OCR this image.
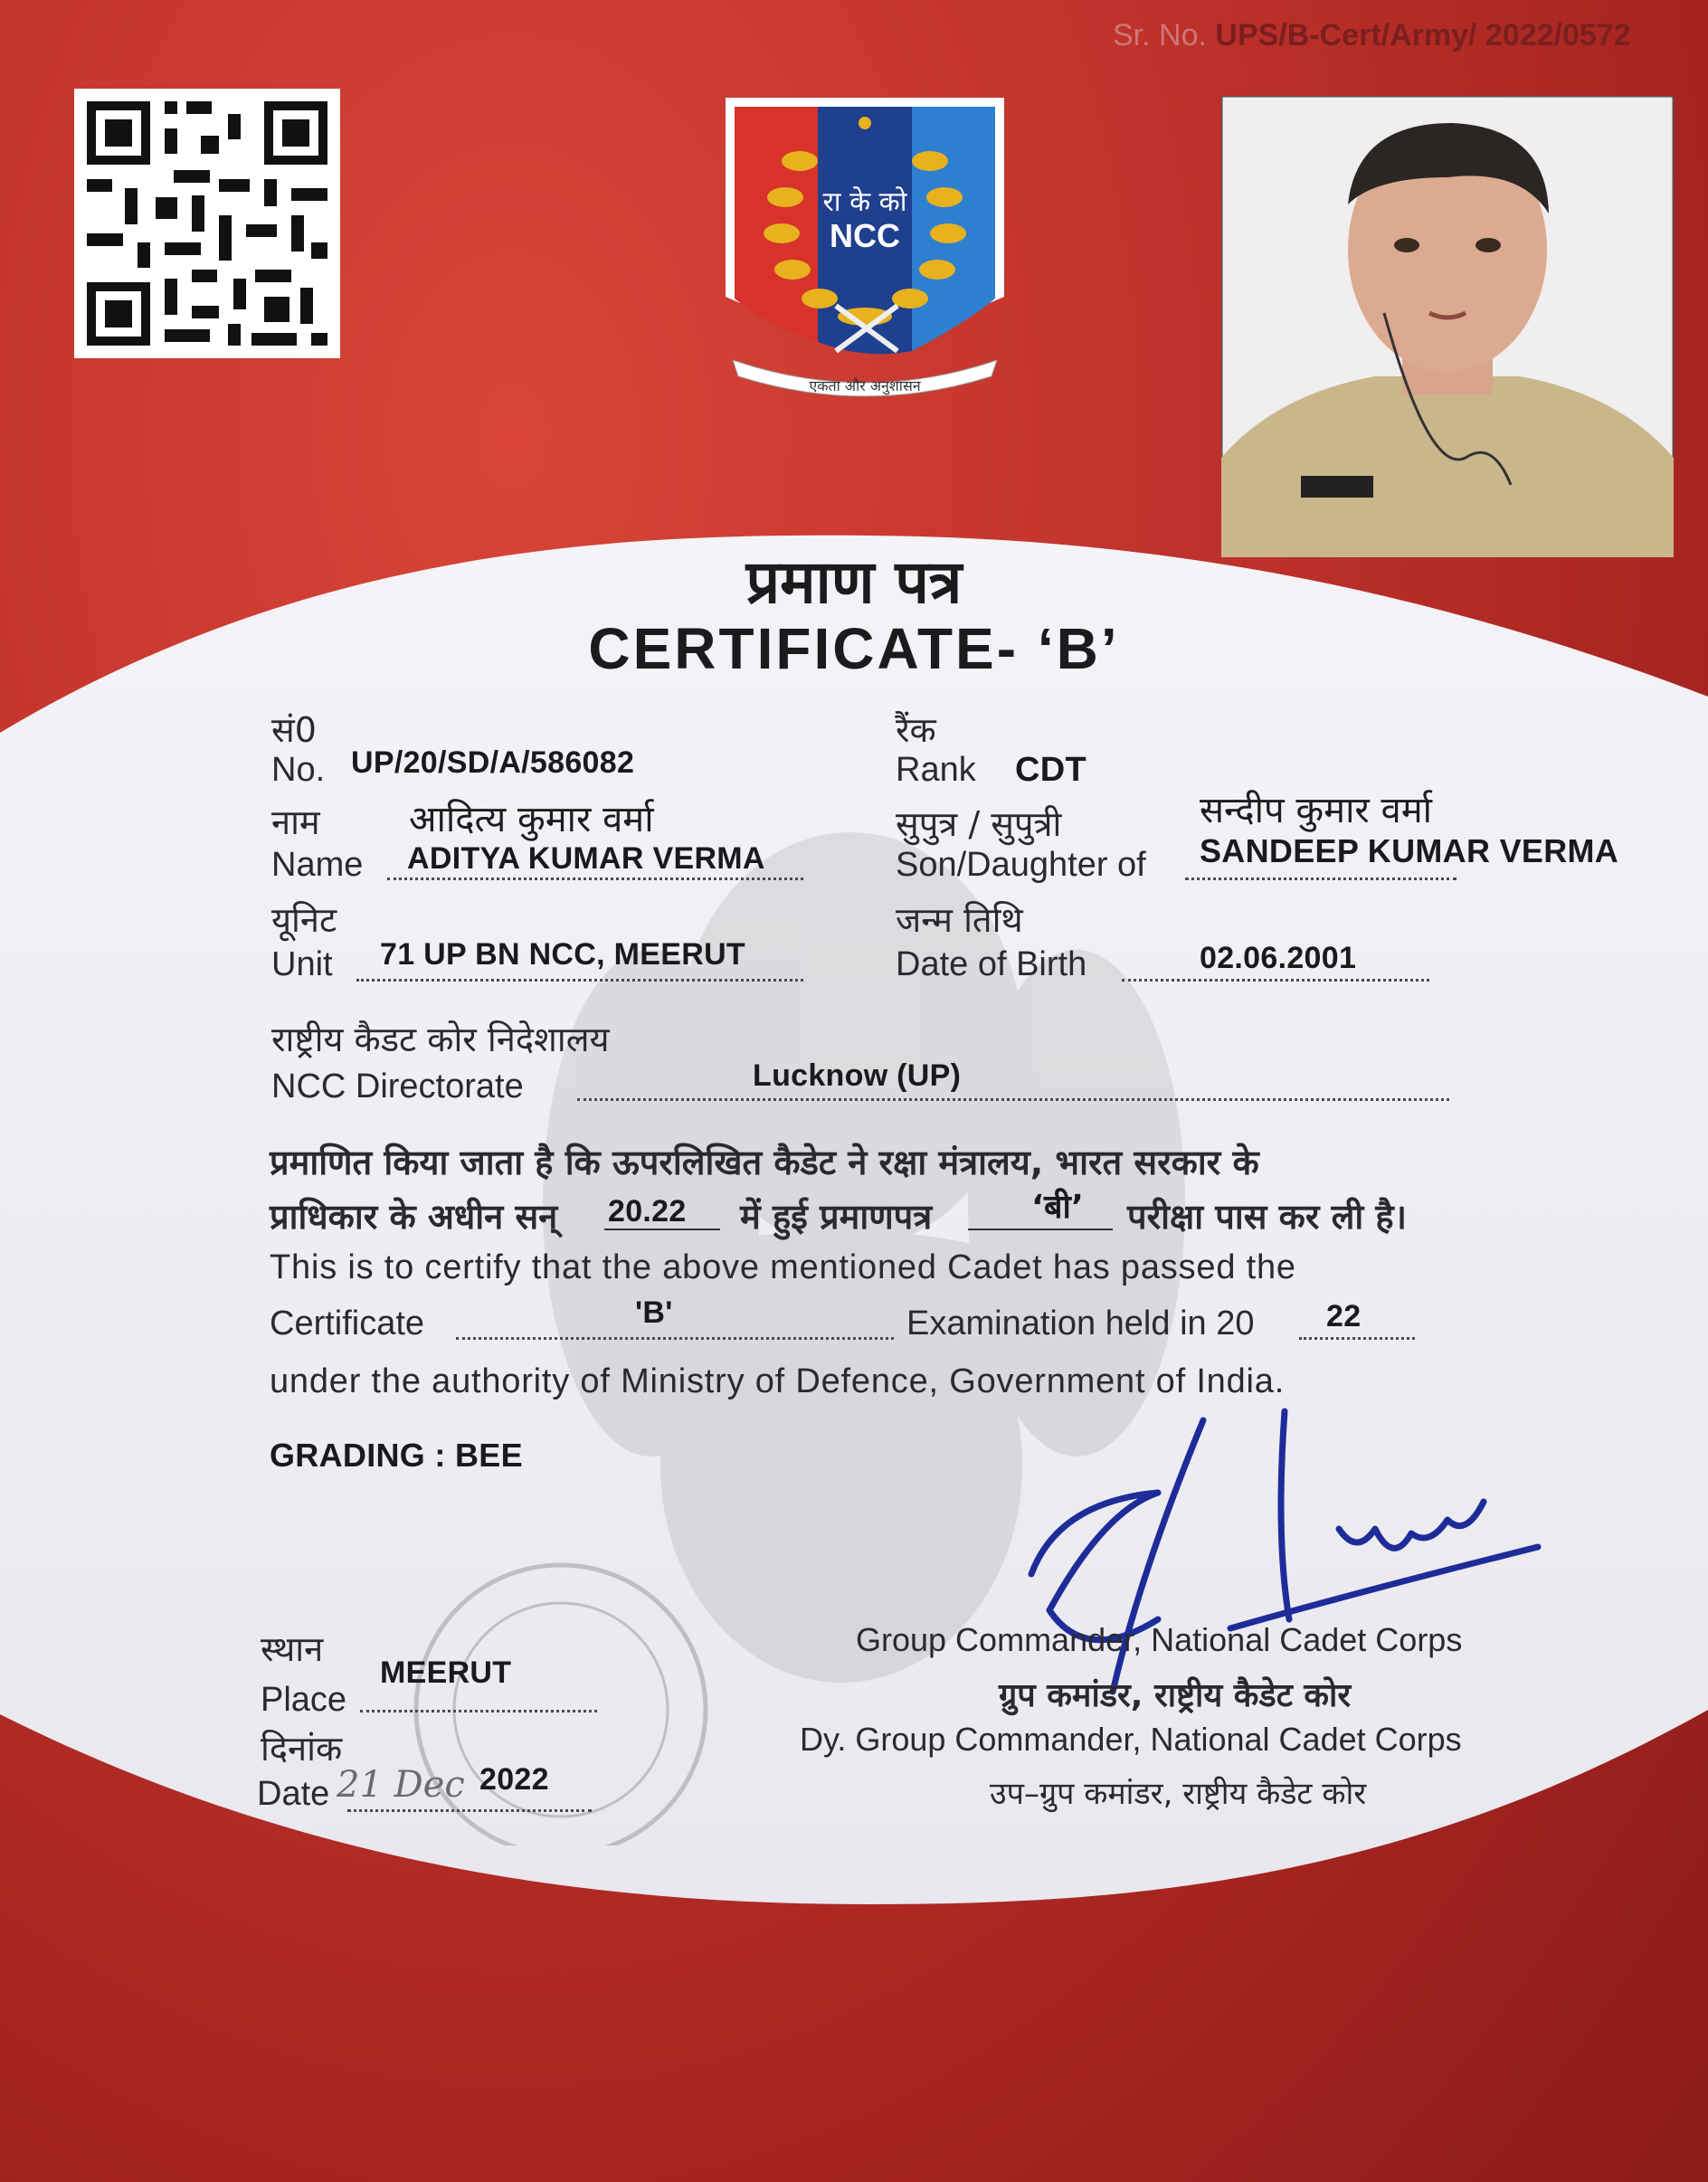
Sr. No. UPS/B-Cert/Army/ 2022/0572
रा के को
NCC
एकता और अनुशासन
प्रमाण पत्र
CERTIFICATE- ‘B’
सं0
No. UP/20/SD/A/586082
नाम आदित्य कुमार वर्मा
Name ADITYA KUMAR VERMA
यूनिट
Unit 71 UP BN NCC, MEERUT
रैंक
Rank CDT
सुपुत्र / सुपुत्री	सन्दीप कुमार वर्मा
Son/Daughter of SANDEEP KUMAR VERMA
जन्म तिथि
Date of Birth	02.06.2001
राष्ट्रीय कैडट कोर निदेशालय
NCC Directorate	Lucknow (UP)
प्रमाणित किया जाता है कि ऊपरलिखित कैडेट ने रक्षा मंत्रालय, भारत सरकार के
प्राधिकार के अधीन सन् 20.22 में हुई प्रमाणपत्र	‘बी’ परीक्षा पास कर ली है।
This is to certify that the above mentioned Cadet has passed the
Certificate	'B'	Examination held in 20 22
under the authority of Ministry of Defence, Government of India.
GRADING : BEE
स्थान
Place
MEERUT
दिनांक
Date 21 Dec 2022
Group Commander, National Cadet Corps
ग्रुप कमांडर, राष्ट्रीय कैडेट कोर
Dy. Group Commander, National Cadet Corps
उप–ग्रुप कमांडर, राष्ट्रीय कैडेट कोर
